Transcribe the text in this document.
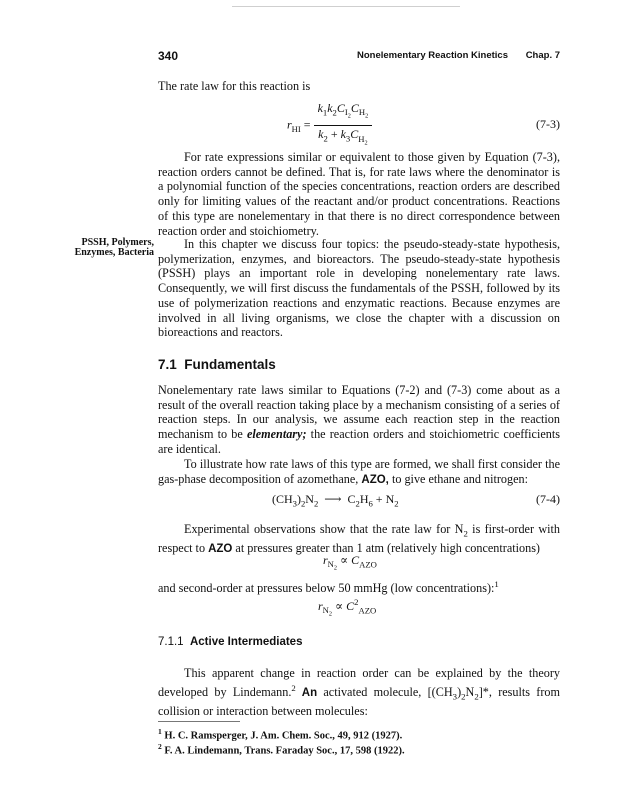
340	Nonelementary Reaction Kinetics Chap. 7

The rate law for this reaction is

$r_{HI} = \frac{k_1k_2C_{I_2}C_{H_2}}{k_2 + k_3C_{H_2}}$	(7-3)

For rate expressions similar or equivalent to those given by Equation (7-3), reaction orders cannot be defined. That is, for rate laws where the denominator is a polynomial function of the species concentrations, reaction orders are described only for limiting values of the reactant and/or product concentrations. Reactions of this type are nonelementary in that there is no direct correspondence between reaction order and stoichiometry.

PSSH, Polymers,
Enzymes, Bacteria

In this chapter we discuss four topics: the pseudo-steady-state hypothesis, polymerization, enzymes, and bioreactors. The pseudo-steady-state hypothesis (PSSH) plays an important role in developing nonelementary rate laws. Consequently, we will first discuss the fundamentals of the PSSH, followed by its use of polymerization reactions and enzymatic reactions. Because enzymes are involved in all living organisms, we close the chapter with a discussion on bioreactions and reactors.

7.1 Fundamentals

Nonelementary rate laws similar to Equations (7-2) and (7-3) come about as a result of the overall reaction taking place by a mechanism consisting of a series of reaction steps. In our analysis, we assume each reaction step in the reaction mechanism to be elementary; the reaction orders and stoichiometric coefficients are identical.

To illustrate how rate laws of this type are formed, we shall first consider the gas-phase decomposition of azomethane, AZO, to give ethane and nitrogen:

$(CH_3)_2N_2$ ⟶ $C_2H_6 + N_2$	(7-4)

Experimental observations show that the rate law for $N_2$ is first-order with respect to AZO at pressures greater than 1 atm (relatively high concentrations)

$r_{N_2} \propto C_{AZO}$

and second-order at pressures below 50 mmHg (low concentrations):$^1$

$r_{N_2} \propto C^2_{AZO}$
7.1.1 Active Intermediates

This apparent change in reaction order can be explained by the theory developed by Lindemann.$^2$ An activated molecule, $[(CH_3)_2N_2]*$, results from collision or interaction between molecules:

$^1$ H. C. Ramsperger, J. Am. Chem. Soc., 49, 912 (1927).
$^2$ F. A. Lindemann, Trans. Faraday Soc., 17, 598 (1922).
